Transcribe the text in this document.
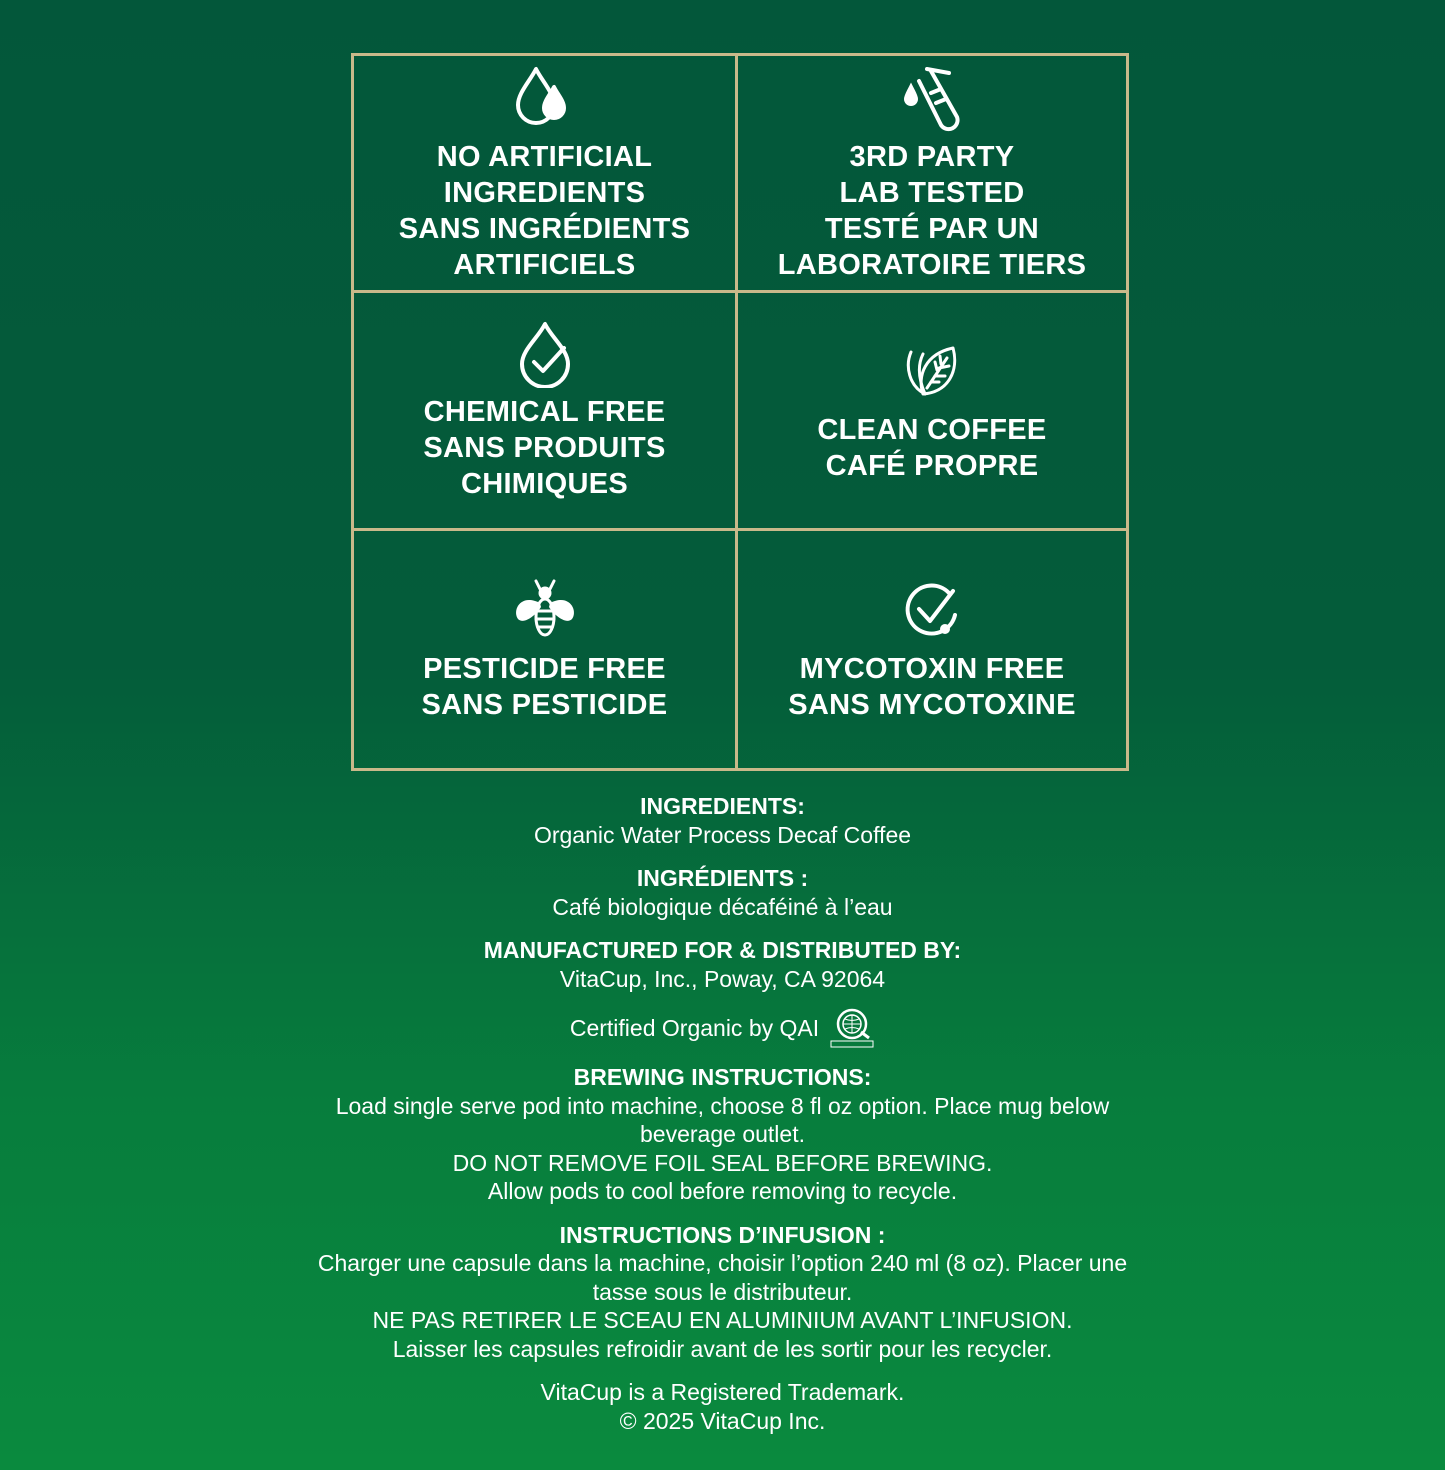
NO ARTIFICIAL
INGREDIENTS
SANS INGRÉDIENTS
ARTIFICIELS
3RD PARTY
LAB TESTED
TESTÉ PAR UN
LABORATOIRE TIERS
CHEMICAL FREE
SANS PRODUITS
CHIMIQUES
CLEAN COFFEE
CAFÉ PROPRE
PESTICIDE FREE
SANS PESTICIDE
MYCOTOXIN FREE
SANS MYCOTOXINE

INGREDIENTS:

Organic Water Process Decaf Coffee

INGRÉDIENTS :

Café biologique décaféiné à l’eau

MANUFACTURED FOR & DISTRIBUTED BY:

VitaCup, Inc., Poway, CA 92064

Certified Organic by QAI

BREWING INSTRUCTIONS:

Load single serve pod into machine, choose 8 fl oz option. Place mug below

beverage outlet.

DO NOT REMOVE FOIL SEAL BEFORE BREWING.

Allow pods to cool before removing to recycle.

INSTRUCTIONS D’INFUSION :

Charger une capsule dans la machine, choisir l’option 240 ml (8 oz). Placer une

tasse sous le distributeur.

NE PAS RETIRER LE SCEAU EN ALUMINIUM AVANT L’INFUSION.

Laisser les capsules refroidir avant de les sortir pour les recycler.

VitaCup is a Registered Trademark.

© 2025 VitaCup Inc.
